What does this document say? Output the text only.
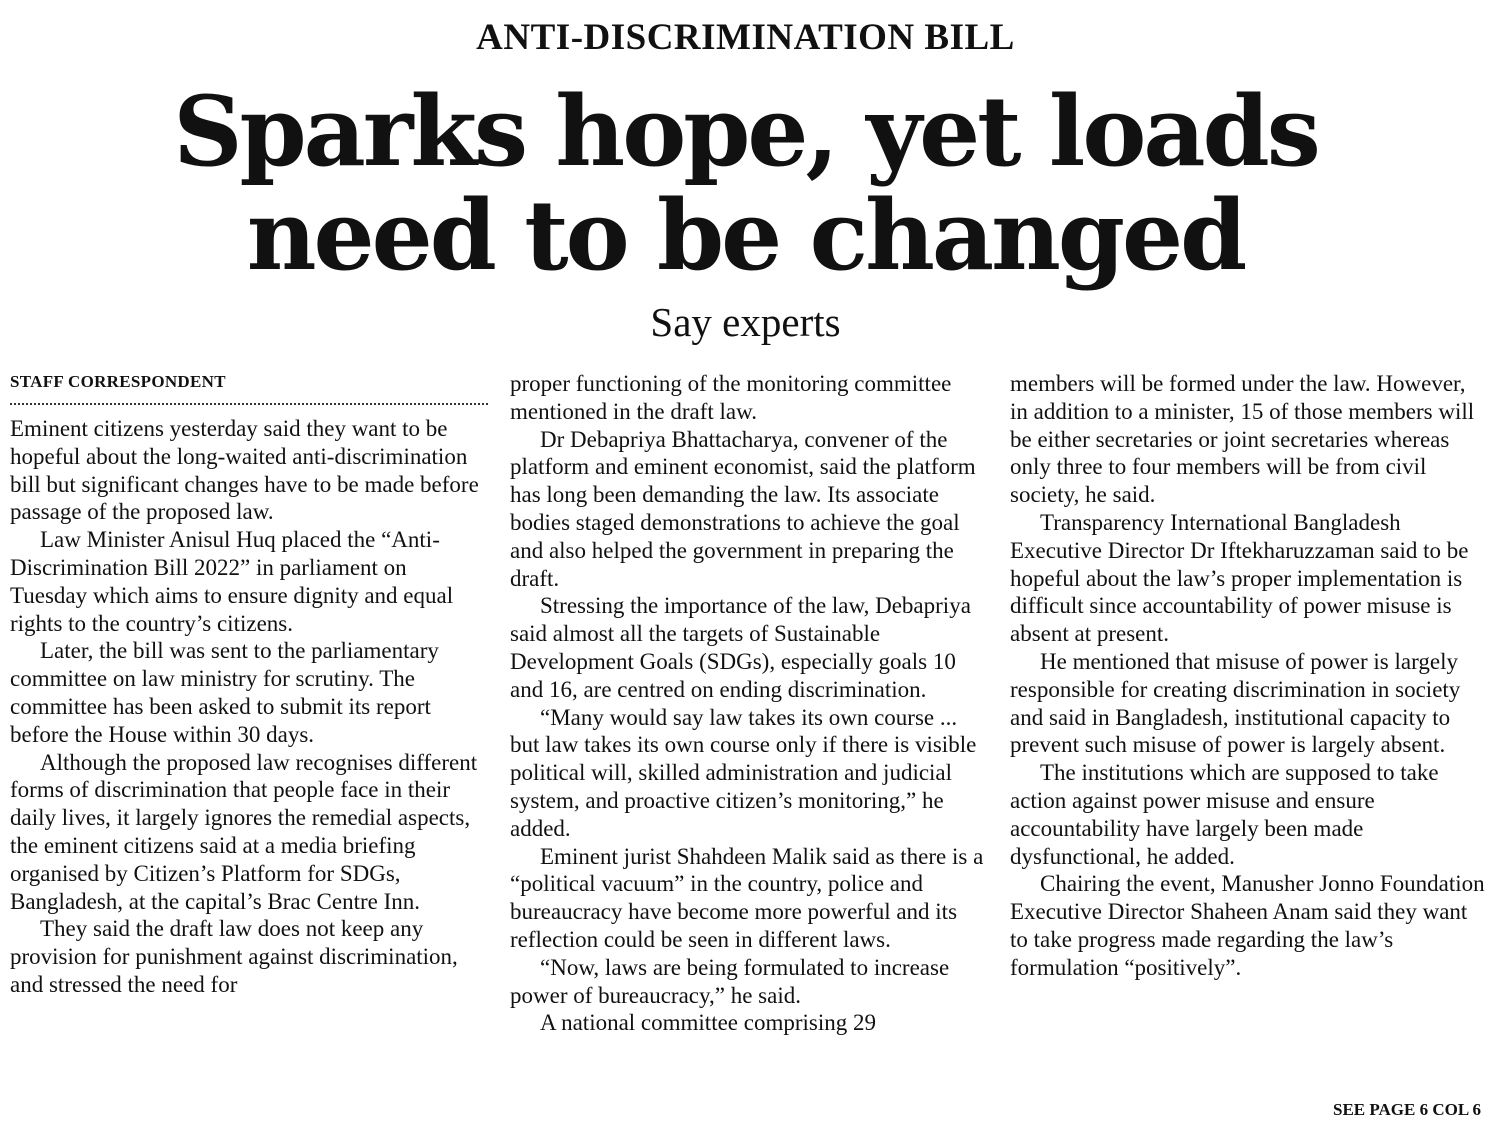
ANTI-DISCRIMINATION BILL
Sparks hope, yet loads
need to be changed
Say experts
STAFF CORRESPONDENT

Eminent citizens yesterday said they want to be hopeful about the long-waited anti-discrimination bill but significant changes have to be made before passage of the proposed law.

Law Minister Anisul Huq placed the “Anti-Discrimination Bill 2022” in parliament on Tuesday which aims to ensure dignity and equal rights to the country’s citizens.

Later, the bill was sent to the parliamentary committee on law ministry for scrutiny. The committee has been asked to submit its report before the House within 30 days.

Although the proposed law recognises different forms of discrimination that people face in their daily lives, it largely ignores the remedial aspects, the eminent citizens said at a media briefing organised by Citizen’s Platform for SDGs, Bangladesh, at the capital’s Brac Centre Inn.

They said the draft law does not keep any provision for punishment against discrimination, and stressed the need for

proper functioning of the monitoring committee mentioned in the draft law.

Dr Debapriya Bhattacharya, convener of the platform and eminent economist, said the platform has long been demanding the law. Its associate bodies staged demonstrations to achieve the goal and also helped the government in preparing the draft.

Stressing the importance of the law, Debapriya said almost all the targets of Sustainable Development Goals (SDGs), especially goals 10 and 16, are centred on ending discrimination.

“Many would say law takes its own course ... but law takes its own course only if there is visible political will, skilled administration and judicial system, and proactive citizen’s monitoring,” he added.

Eminent jurist Shahdeen Malik said as there is a “political vacuum” in the country, police and bureaucracy have become more powerful and its reflection could be seen in different laws.

“Now, laws are being formulated to increase power of bureaucracy,” he said.

A national committee comprising 29

members will be formed under the law. However, in addition to a minister, 15 of those members will be either secretaries or joint secretaries whereas only three to four members will be from civil society, he said.

Transparency International Bangladesh Executive Director Dr Iftekharuzzaman said to be hopeful about the law’s proper implementation is difficult since accountability of power misuse is absent at present.

He mentioned that misuse of power is largely responsible for creating discrimination in society and said in Bangladesh, institutional capacity to prevent such misuse of power is largely absent.

The institutions which are supposed to take action against power misuse and ensure accountability have largely been made dysfunctional, he added.

Chairing the event, Manusher Jonno Foundation Executive Director Shaheen Anam said they want to take progress made regarding the law’s formulation “positively”.

SEE PAGE 6 COL 6
